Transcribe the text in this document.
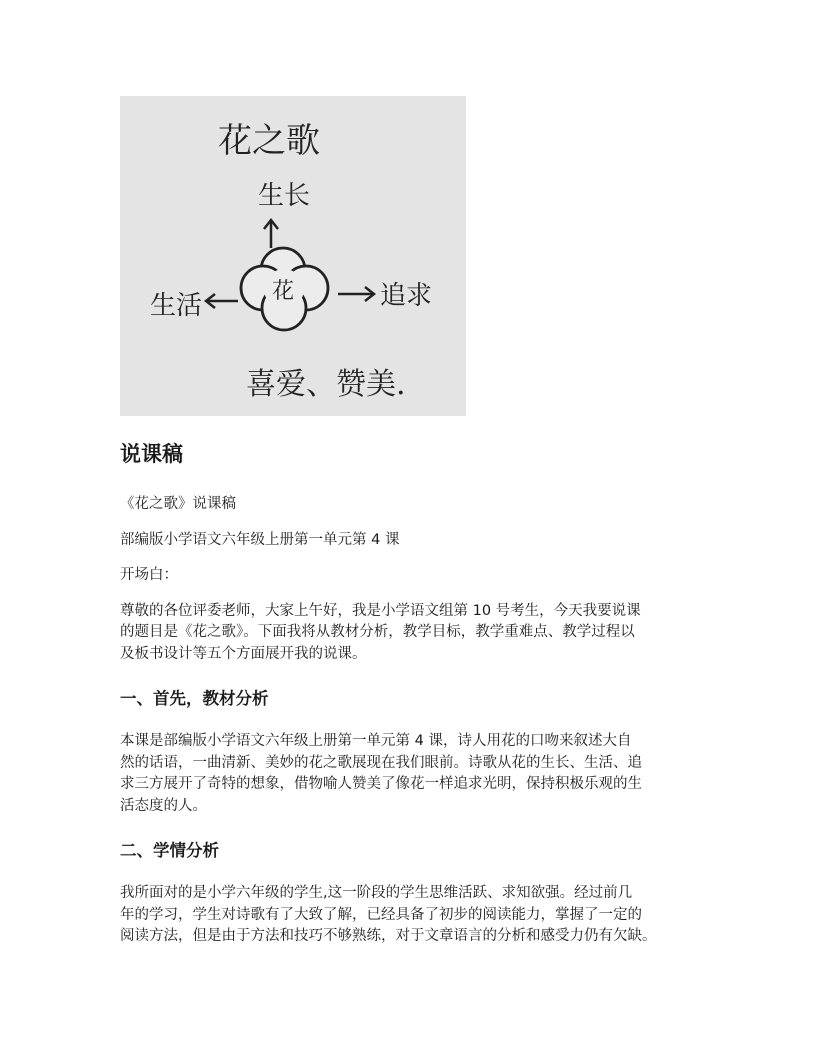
花之歌
生长
花
生活	追求
喜爱、赞美.
说课稿

《花之歌》说课稿

部编版小学语文六年级上册第一单元第 4 课

开场白：

尊敬的各位评委老师，大家上午好，我是小学语文组第 10 号考生，今天我要说课
的题目是《花之歌》。下面我将从教材分析，教学目标，教学重难点、教学过程以
及板书设计等五个方面展开我的说课。

一、首先，教材分析

本课是部编版小学语文六年级上册第一单元第 4 课，诗人用花的口吻来叙述大自
然的话语，一曲清新、美妙的花之歌展现在我们眼前。诗歌从花的生长、生活、追
求三方展开了奇特的想象，借物喻人赞美了像花一样追求光明，保持积极乐观的生
活态度的人。

二、学情分析

我所面对的是小学六年级的学生,这一阶段的学生思维活跃、求知欲强。经过前几
年的学习，学生对诗歌有了大致了解，已经具备了初步的阅读能力，掌握了一定的
阅读方法，但是由于方法和技巧不够熟练，对于文章语言的分析和感受力仍有欠缺。
